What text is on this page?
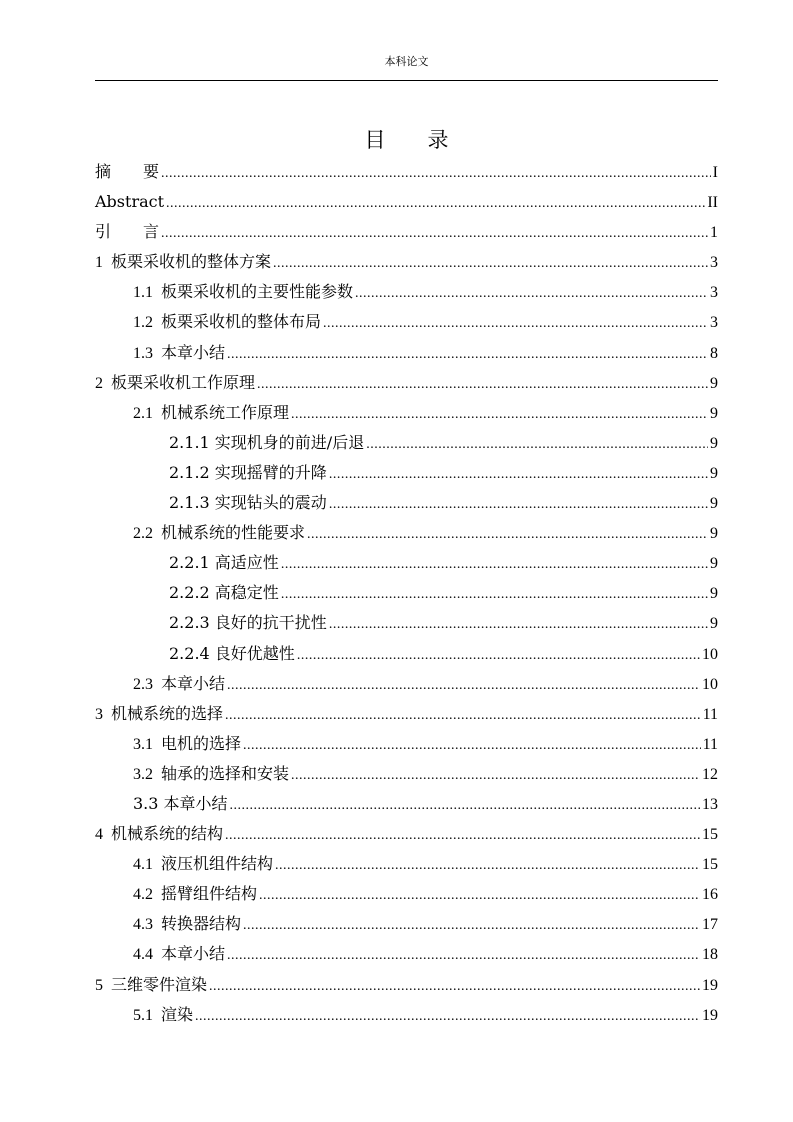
本科论文
目 录
摘 要 .....	I
Abstract .....	II
引 言 .....	1
1 板栗采收机的整体方案 .....	3
1.1 板栗采收机的主要性能参数 .....	3
1.2 板栗采收机的整体布局 .....	3
1.3 本章小结 .....	8
2 板栗采收机工作原理 .....	9
2.1 机械系统工作原理 .....	9
2.1.1 实现机身的前进/后退 .....	9
2.1.2 实现摇臂的升降 .....	9
2.1.3 实现钻头的震动 .....	9
2.2 机械系统的性能要求 .....	9
2.2.1 高适应性 .....	9
2.2.2 高稳定性 .....	9
2.2.3 良好的抗干扰性 .....	9
2.2.4 良好优越性 .....	10
2.3 本章小结 .....	10
3 机械系统的选择 .....	11
3.1 电机的选择 .....	11
3.2 轴承的选择和安装 .....	12
3.3 本章小结 .....	13
4 机械系统的结构 .....	15
4.1 液压机组件结构 .....	15
4.2 摇臂组件结构 .....	16
4.3 转换器结构 .....	17
4.4 本章小结 .....	18
5 三维零件渲染 .....	19
5.1 渲染 .....	19
